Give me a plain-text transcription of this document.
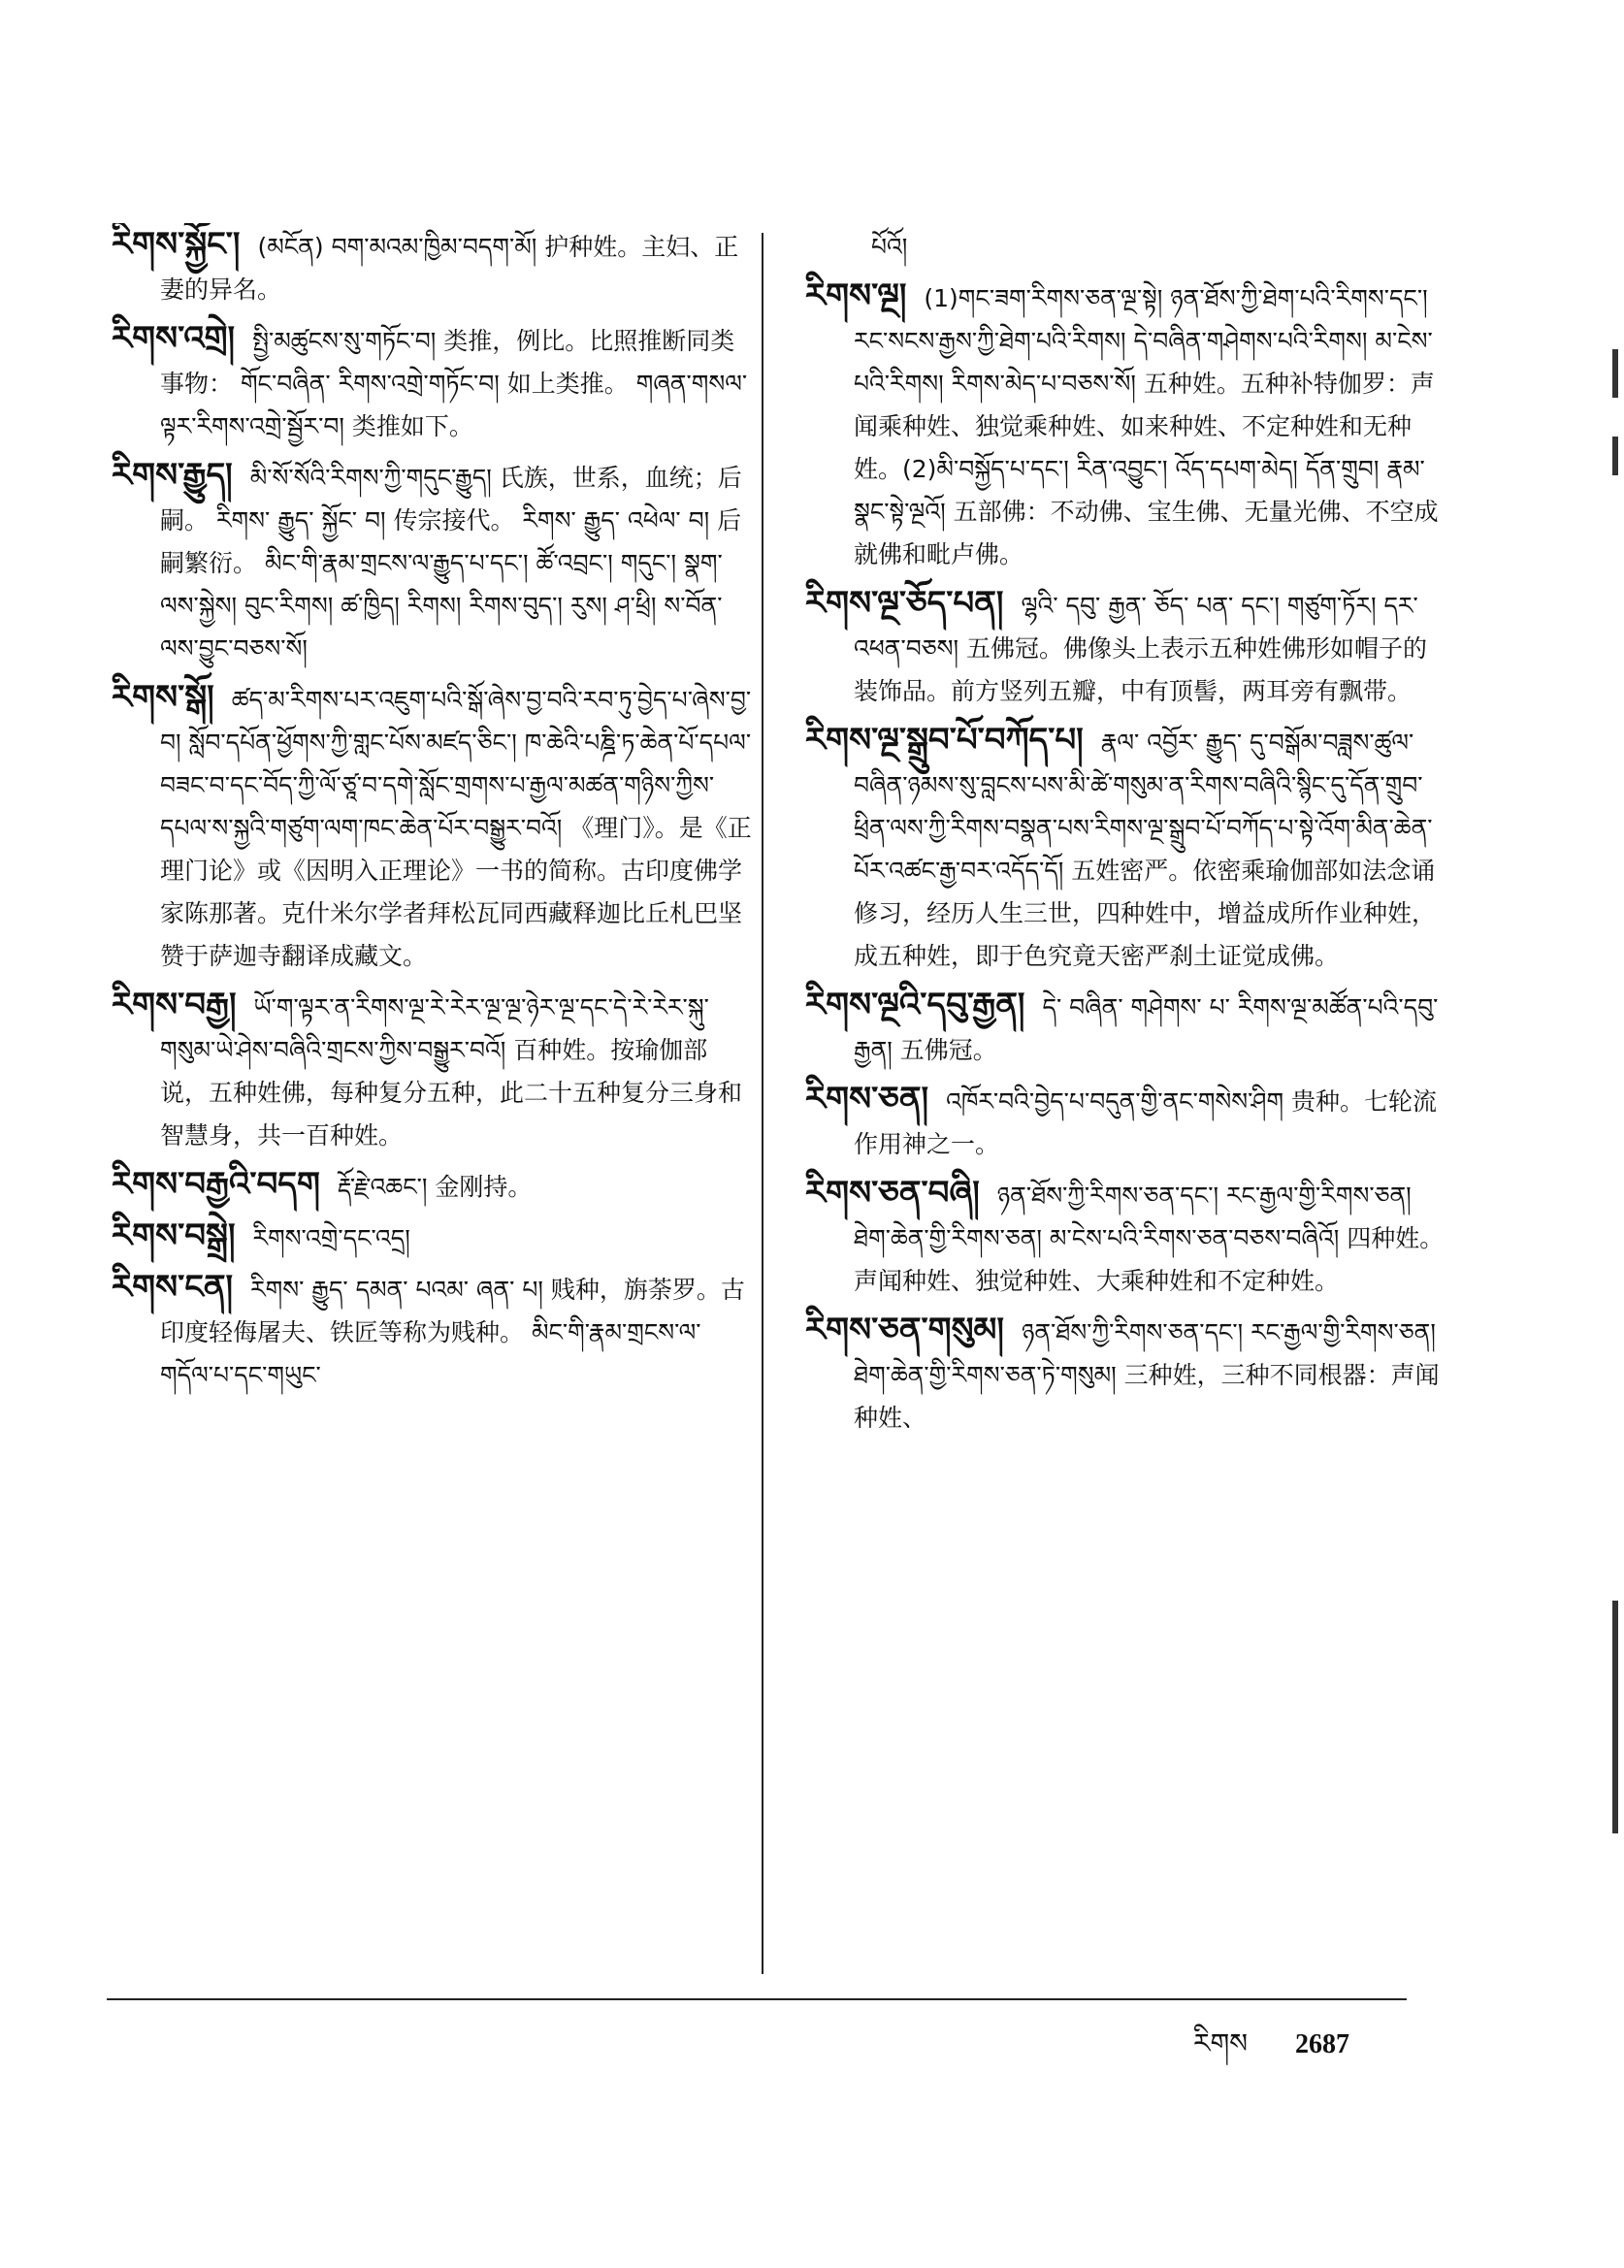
རིགས་སྐྱོང་། (མངོན) བག་མའམ་ཁྱིམ་བདག་མོ། 护种姓。主妇、正妻的异名。

རིགས་འགྲེ། སྤྱི་མཚུངས་སུ་གཏོང་བ། 类推，例比。比照推断同类事物： གོང་བཞིན་ རིགས་འགྲེ་གཏོང་བ། 如上类推。 གཞན་གསལ་ལྟར་རིགས་འགྲེ་སྦྱོར་བ། 类推如下。

རིགས་རྒྱུད། མི་སོ་སོའི་རིགས་ཀྱི་གདུང་རྒྱུད། 氏族，世系，血统；后嗣。 རིགས་ རྒྱུད་ སྐྱོང་ བ། 传宗接代。 རིགས་ རྒྱུད་ འཕེལ་ བ། 后嗣繁衍。 མིང་གི་རྣམ་གྲངས་ལ་རྒྱུད་པ་དང་། ཚོ་འབྲང་། གདུང་། སྣག་ལས་སྐྱེས། བུང་རིགས། ཚ་ཁྱིད། རིགས། རིགས་བུད་། རུས། ཤ་ཕྲི། ས་བོན་ལས་བྱུང་བཅས་སོ།

རིགས་སྒོ། ཚད་མ་རིགས་པར་འཇུག་པའི་སྒོ་ཞེས་བྱ་བའི་རབ་ཏུ་བྱེད་པ་ཞེས་བྱ་བ། སློབ་དཔོན་ཕྱོགས་ཀྱི་གླང་པོས་མཛད་ཅིང་། ཁ་ཆེའི་པཎྜི་ཏ་ཆེན་པོ་དཔལ་བཟང་བ་དང་བོད་ཀྱི་ལོ་ཙཱ་བ་དགེ་སློང་གྲགས་པ་རྒྱལ་མཚན་གཉིས་ཀྱིས་དཔལ་ས་སྐྱའི་གཙུག་ལག་ཁང་ཆེན་པོར་བསྒྱུར་བའོ། 《理门》。是《正理门论》或《因明入正理论》一书的简称。古印度佛学家陈那著。克什米尔学者拜松瓦同西藏释迦比丘札巴坚赞于萨迦寺翻译成藏文。

རིགས་བརྒྱ། ཡོ་ག་ལྟར་ན་རིགས་ལྔ་རེ་རེར་ལྔ་ལྔ་ཉེར་ལྔ་དང་དེ་རེ་རེར་སྐུ་གསུམ་ཡེ་ཤེས་བཞིའི་གྲངས་ཀྱིས་བསྒྱུར་བའོ། 百种姓。按瑜伽部说，五种姓佛，每种复分五种，此二十五种复分三身和智慧身，共一百种姓。

རིགས་བརྒྱའི་བདག རྡོ་རྗེ་འཆང་། 金刚持。

རིགས་བསྒྲེ། རིགས་འགྲེ་དང་འདྲ།

རིགས་ངན། རིགས་ རྒྱུད་ དམན་ པའམ་ ཞན་ པ། 贱种，旃荼罗。古印度轻侮屠夫、铁匠等称为贱种。 མིང་གི་རྣམ་གྲངས་ལ་གདོལ་པ་དང་གཡུང་

པོའོ།

རིགས་ལྔ། (1)གང་ཟག་རིགས་ཅན་ལྔ་སྟེ། ཉན་ཐོས་ཀྱི་ཐེག་པའི་རིགས་དང་། རང་སངས་རྒྱས་ཀྱི་ཐེག་པའི་རིགས། དེ་བཞིན་གཤེགས་པའི་རིགས། མ་ངེས་པའི་རིགས། རིགས་མེད་པ་བཅས་སོ། 五种姓。五种补特伽罗：声闻乘种姓、独觉乘种姓、如来种姓、不定种姓和无种姓。(2)མི་བསྐྱོད་པ་དང་། རིན་འབྱུང་། འོད་དཔག་མེད། དོན་གྲུབ། རྣམ་སྣང་སྟེ་ལྔའོ། 五部佛：不动佛、宝生佛、无量光佛、不空成就佛和毗卢佛。

རིགས་ལྔ་ཅོད་པན། ལྷའི་ དབུ་ རྒྱན་ ཅོད་ པན་ དང་། གཙུག་ཏོར། དར་འཕན་བཅས། 五佛冠。佛像头上表示五种姓佛形如帽子的装饰品。前方竖列五瓣，中有顶髻，两耳旁有飘带。

རིགས་ལྔ་སྒྲུབ་པོ་བཀོད་པ། རྣལ་ འབྱོར་ རྒྱུད་ དུ་བསྒོམ་བཟླས་ཚུལ་བཞིན་ཉམས་སུ་བླངས་པས་མི་ཚེ་གསུམ་ན་རིགས་བཞིའི་སྙིང་དུ་དོན་གྲུབ་ཕྲིན་ལས་ཀྱི་རིགས་བསྣན་པས་རིགས་ལྔ་སྒྲུབ་པོ་བཀོད་པ་སྟེ་འོག་མིན་ཆེན་པོར་འཚང་རྒྱ་བར་འདོད་དོ། 五姓密严。依密乘瑜伽部如法念诵修习，经历人生三世，四种姓中，增益成所作业种姓，成五种姓，即于色究竟天密严刹土证觉成佛。

རིགས་ལྔའི་དབུ་རྒྱན། དེ་ བཞིན་ གཤེགས་ པ་ རིགས་ལྔ་མཚོན་པའི་དབུ་རྒྱན། 五佛冠。

རིགས་ཅན། འཁོར་བའི་བྱེད་པ་བདུན་གྱི་ནང་གསེས་ཤིག 贵种。七轮流作用神之一。

རིགས་ཅན་བཞི། ཉན་ཐོས་ཀྱི་རིགས་ཅན་དང་། རང་རྒྱལ་གྱི་རིགས་ཅན། ཐེག་ཆེན་གྱི་རིགས་ཅན། མ་ངེས་པའི་རིགས་ཅན་བཅས་བཞིའོ། 四种姓。声闻种姓、独觉种姓、大乘种姓和不定种姓。

རིགས་ཅན་གསུམ། ཉན་ཐོས་ཀྱི་རིགས་ཅན་དང་། རང་རྒྱལ་གྱི་རིགས་ཅན། ཐེག་ཆེན་གྱི་རིགས་ཅན་ཏེ་གསུམ། 三种姓，三种不同根器：声闻种姓、

རིགས 2687
